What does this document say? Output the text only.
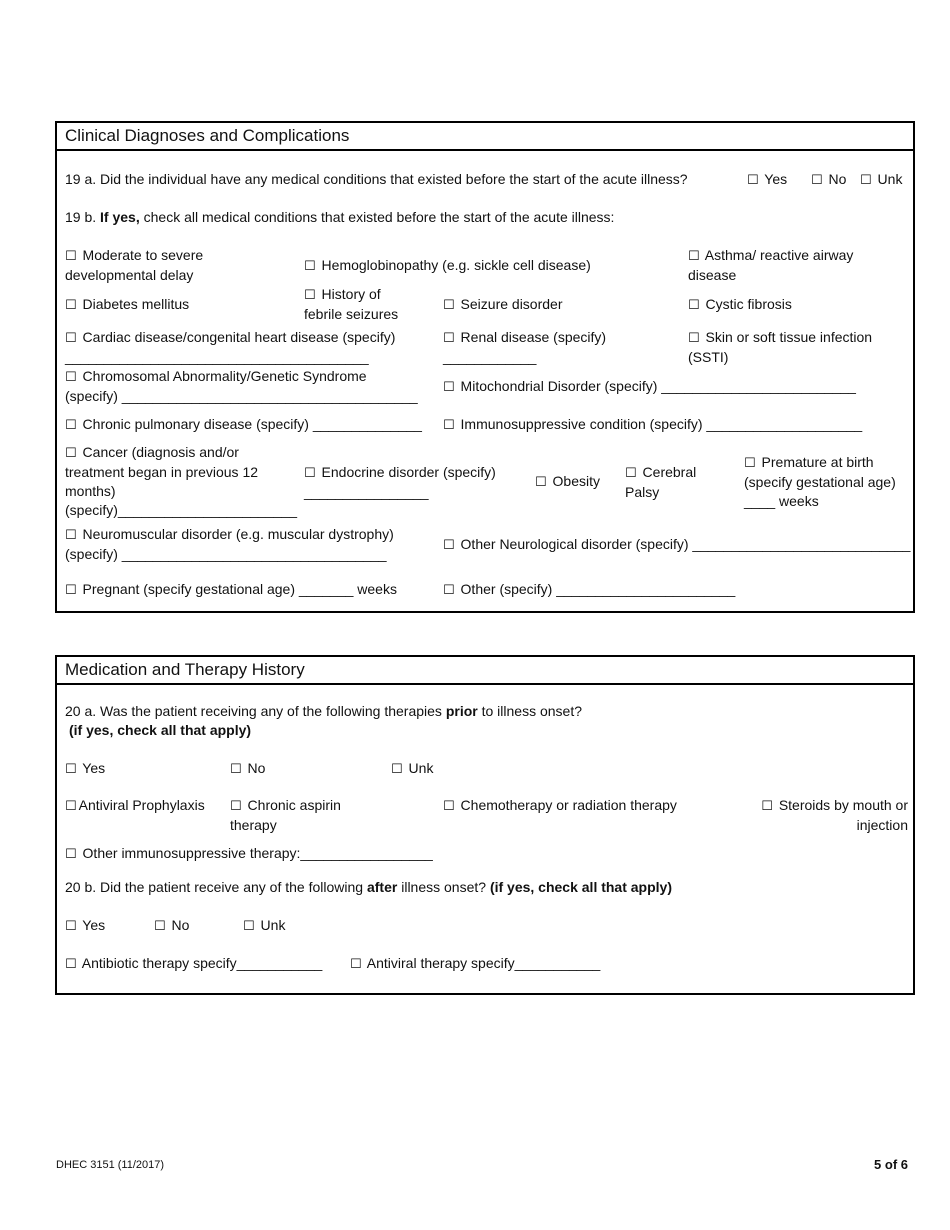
Clinical Diagnoses and Complications
19 a. Did the individual have any medical conditions that existed before the start of the acute illness?	☐ Yes ☐ No ☐ Unk
19 b. If yes, check all medical conditions that existed before the start of the acute illness:
☐ Moderate to severe
developmental delay
☐ Hemoglobinopathy (e.g. sickle cell disease)
☐ Asthma/ reactive airway
disease
☐ Diabetes mellitus
☐ History of
febrile seizures
☐ Seizure disorder	☐ Cystic fibrosis
☐ Cardiac disease/congenital heart disease (specify)
_______________________________________
☐ Renal disease (specify)
____________
☐ Skin or soft tissue infection
(SSTI)
☐ Chromosomal Abnormality/Genetic Syndrome
(specify) ______________________________________
☐ Mitochondrial Disorder (specify) _________________________
☐ Chronic pulmonary disease (specify) ______________ ☐ Immunosuppressive condition (specify) ____________________
☐ Cancer (diagnosis and/or
treatment began in previous 12
months)
(specify)_______________________
☐ Endocrine disorder (specify)
________________
☐ Obesity ☐ Cerebral
Palsy
☐ Premature at birth
(specify gestational age)
____ weeks
☐ Neuromuscular disorder (e.g. muscular dystrophy)
(specify) __________________________________
☐ Other Neurological disorder (specify) ____________________________
☐ Pregnant (specify gestational age) _______ weeks	☐ Other (specify) _______________________
Medication and Therapy History
20 a. Was the patient receiving any of the following therapies prior to illness onset?
(if yes, check all that apply)
☐ Yes	☐ No	☐ Unk
☐ Antiviral Prophylaxis ☐ Chronic aspirin
therapy
☐ Chemotherapy or radiation therapy	☐ Steroids by mouth or
injection
☐ Other immunosuppressive therapy:_________________
20 b. Did the patient receive any of the following after illness onset? (if yes, check all that apply)
☐ Yes	☐ No	☐ Unk
☐ Antibiotic therapy specify___________ ☐ Antiviral therapy specify___________
DHEC 3151 (11/2017)	5 of 6
